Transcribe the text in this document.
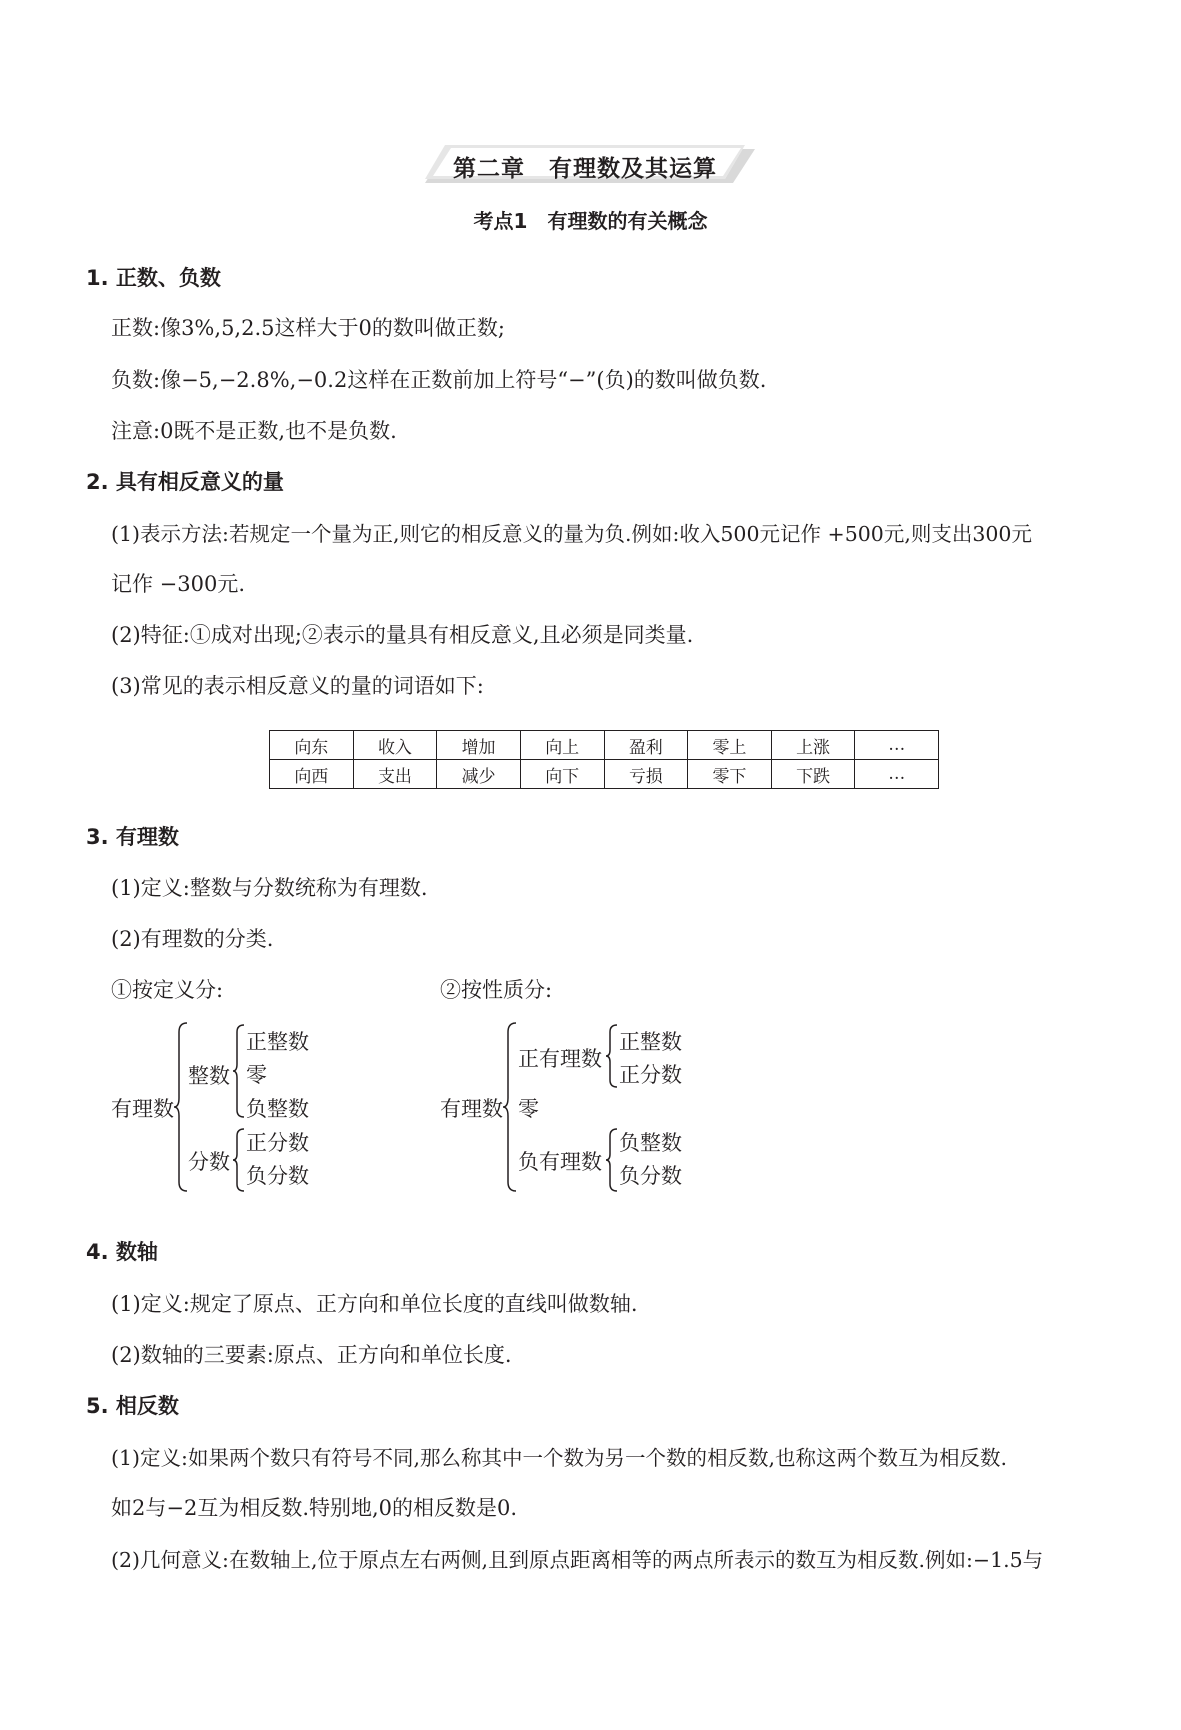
第二章　有理数及其运算
考点1　有理数的有关概念
1. 正数、负数
正数:像3%,5,2.5这样大于0的数叫做正数;
负数:像−5,−2.8%,−0.2这样在正数前加上符号“−”(负)的数叫做负数.
注意:0既不是正数,也不是负数.
2. 具有相反意义的量
(1)表示方法:若规定一个量为正,则它的相反意义的量为负.例如:收入500元记作 +500元,则支出300元
记作 −300元.
(2)特征:①成对出现;②表示的量具有相反意义,且必须是同类量.
(3)常见的表示相反意义的量的词语如下:
向东	收入	增加	向上	盈利	零上	上涨	…
向西	支出	减少	向下	亏损	零下	下跌	…
3. 有理数
(1)定义:整数与分数统称为有理数.
(2)有理数的分类.
①按定义分:	②按性质分:
有理数
整数
正整数
零
负整数
分数
正分数
负分数
有理数
正有理数
正整数
正分数
零
负有理数
负整数
负分数
4. 数轴
(1)定义:规定了原点、正方向和单位长度的直线叫做数轴.
(2)数轴的三要素:原点、正方向和单位长度.
5. 相反数
(1)定义:如果两个数只有符号不同,那么称其中一个数为另一个数的相反数,也称这两个数互为相反数.
如2与−2互为相反数.特别地,0的相反数是0.
(2)几何意义:在数轴上,位于原点左右两侧,且到原点距离相等的两点所表示的数互为相反数.例如:−1.5与
